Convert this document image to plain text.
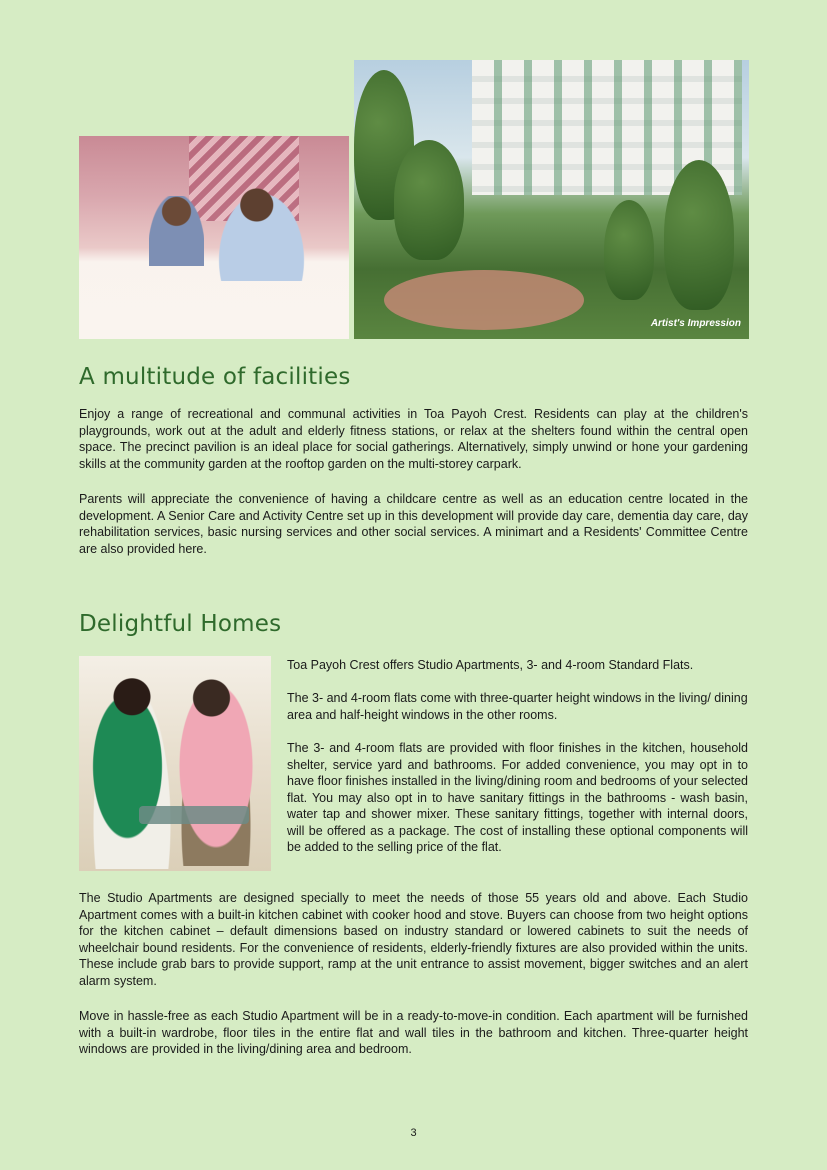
Artist's Impression
A multitude of facilities

Enjoy a range of recreational and communal activities in Toa Payoh Crest. Residents can play at the children's playgrounds, work out at the adult and elderly fitness stations, or relax at the shelters found within the central open space. The precinct pavilion is an ideal place for social gatherings. Alternatively, simply unwind or hone your gardening skills at the community garden at the rooftop garden on the multi-storey carpark.

Parents will appreciate the convenience of having a childcare centre as well as an education centre located in the development. A Senior Care and Activity Centre set up in this development will provide day care, dementia day care, day rehabilitation services, basic nursing services and other social services. A minimart and a Residents' Committee Centre are also provided here.

Delightful Homes

Toa Payoh Crest offers Studio Apartments, 3- and 4-room Standard Flats.

The 3- and 4-room flats come with three-quarter height windows in the living/ dining area and half-height windows in the other rooms.

The 3- and 4-room flats are provided with floor finishes in the kitchen, household shelter, service yard and bathrooms. For added convenience, you may opt in to have floor finishes installed in the living/dining room and bedrooms of your selected flat. You may also opt in to have sanitary fittings in the bathrooms - wash basin, water tap and shower mixer. These sanitary fittings, together with internal doors, will be offered as a package. The cost of installing these optional components will be added to the selling price of the flat.

The Studio Apartments are designed specially to meet the needs of those 55 years old and above. Each Studio Apartment comes with a built-in kitchen cabinet with cooker hood and stove. Buyers can choose from two height options for the kitchen cabinet – default dimensions based on industry standard or lowered cabinets to suit the needs of wheelchair bound residents. For the convenience of residents, elderly-friendly fixtures are also provided within the units. These include grab bars to provide support, ramp at the unit entrance to assist movement, bigger switches and an alert alarm system.

Move in hassle-free as each Studio Apartment will be in a ready-to-move-in condition. Each apartment will be furnished with a built-in wardrobe, floor tiles in the entire flat and wall tiles in the bathroom and kitchen. Three-quarter height windows are provided in the living/dining area and bedroom.

3
